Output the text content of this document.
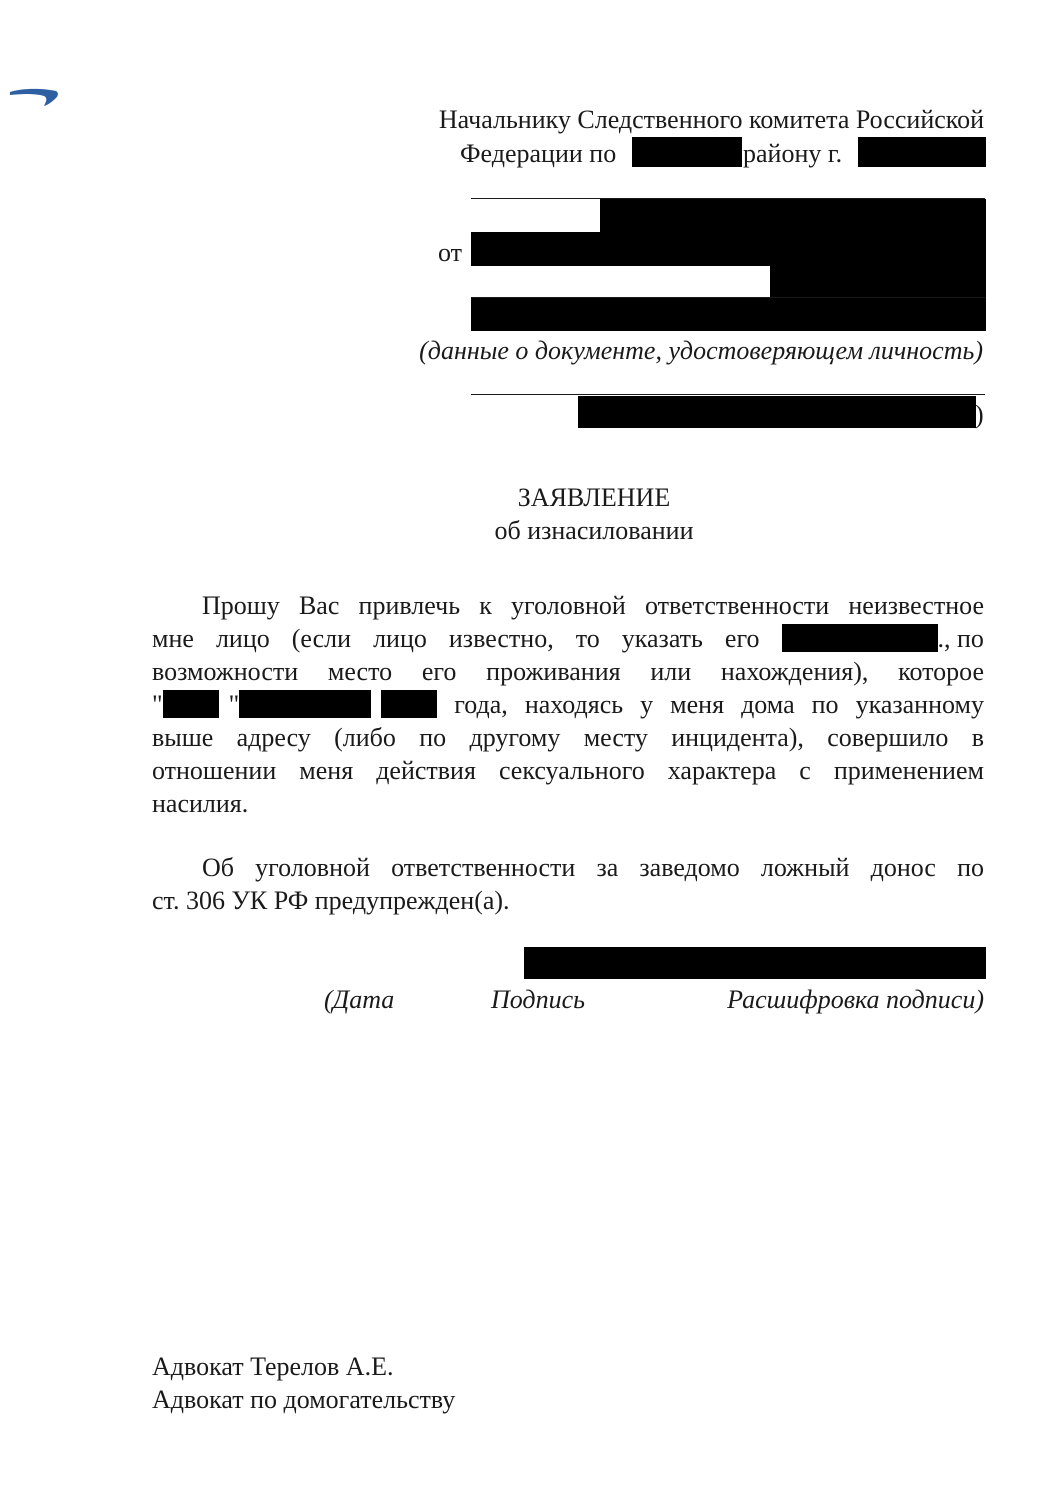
Начальнику Следственного комитета Российской
Федерации по	району г.
от
(данные о документе, удостоверяющем личность)
)
ЗАЯВЛЕНИЕ
об изнасиловании
Прошу Вас привлечь к уголовной ответственности неизвестное
мне лицо (если лицо известно, то указать его	., по
возможности место его проживания или нахождения), которое
"	"	года, находясь у меня дома по указанному
выше адресу (либо по другому месту инцидента), совершило в
отношении меня действия сексуального характера с применением
насилия.
Об уголовной ответственности за заведомо ложный донос по
ст. 306 УК РФ предупрежден(а).
(Дата	Подпись	Расшифровка подписи)
Адвокат Терелов А.Е.
Адвокат по домогательству
